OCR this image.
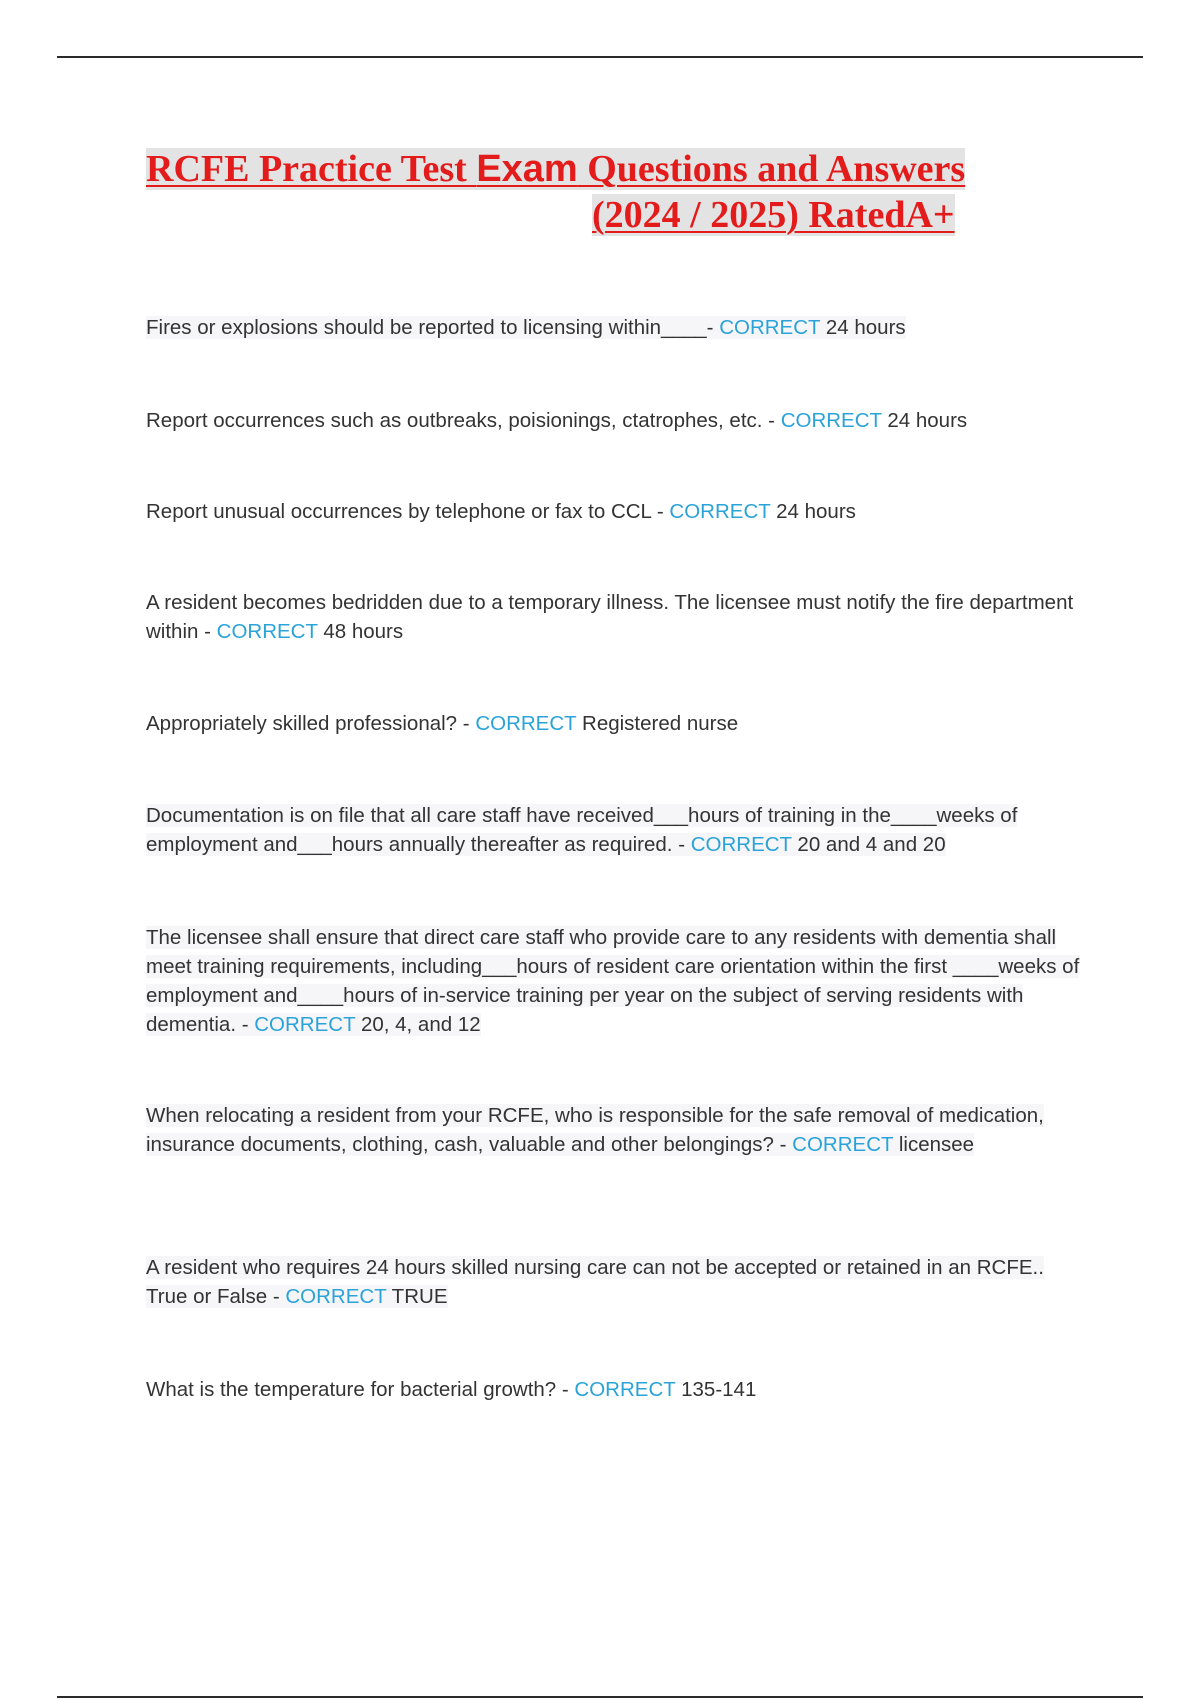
RCFE Practice Test Exam Questions and Answers
(2024 / 2025) RatedA+
Fires or explosions should be reported to licensing within____- CORRECT 24 hours
Report occurrences such as outbreaks, poisionings, ctatrophes, etc. - CORRECT 24 hours
Report unusual occurrences by telephone or fax to CCL - CORRECT 24 hours
A resident becomes bedridden due to a temporary illness. The licensee must notify the fire department within - CORRECT 48 hours
Appropriately skilled professional? - CORRECT Registered nurse
Documentation is on file that all care staff have received___hours of training in the____weeks of employment and___hours annually thereafter as required. - CORRECT 20 and 4 and 20
The licensee shall ensure that direct care staff who provide care to any residents with dementia shall meet training requirements, including___hours of resident care orientation within the first ____weeks of employment and____hours of in-service training per year on the subject of serving residents with dementia. - CORRECT 20, 4, and 12
When relocating a resident from your RCFE, who is responsible for the safe removal of medication, insurance documents, clothing, cash, valuable and other belongings? - CORRECT licensee
A resident who requires 24 hours skilled nursing care can not be accepted or retained in an RCFE.. True or False - CORRECT TRUE
What is the temperature for bacterial growth? - CORRECT 135-141
